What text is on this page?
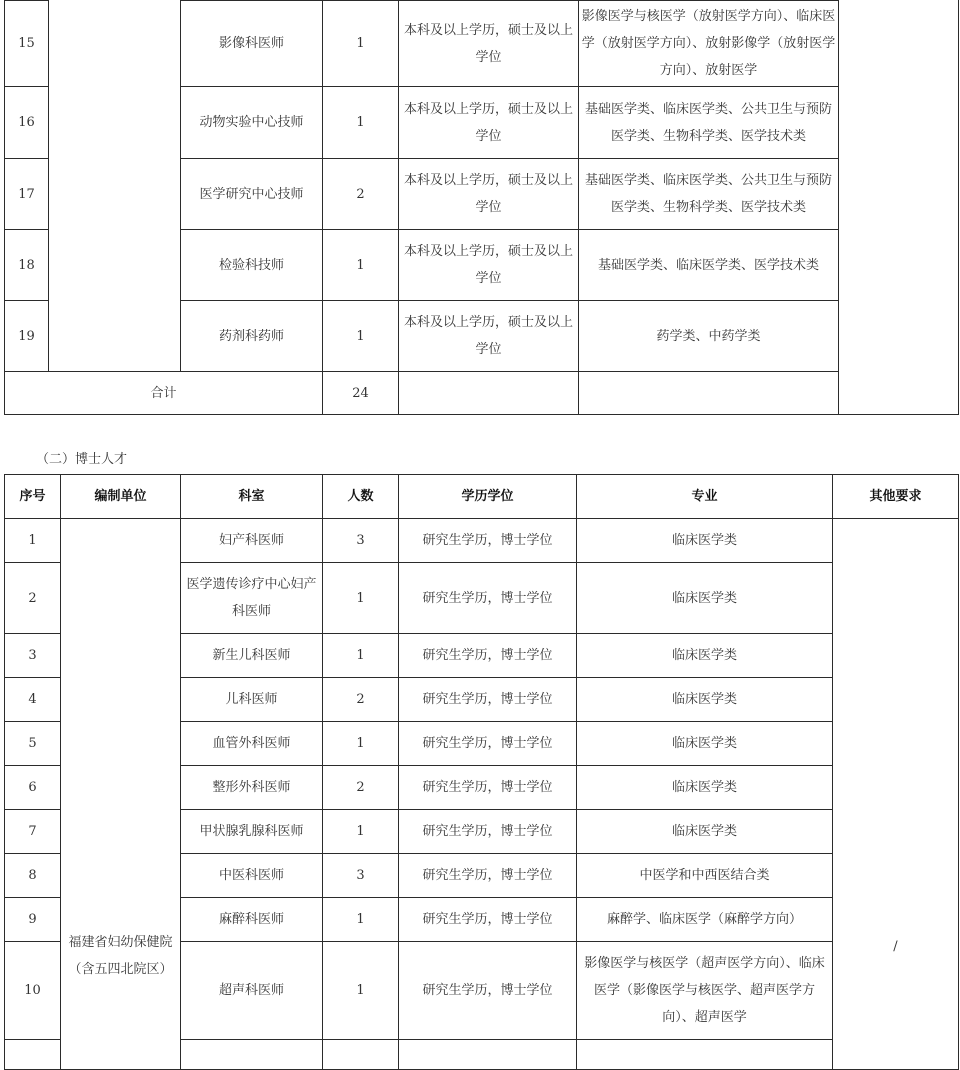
15		影像科医师	1	本科及以上学历，硕士及以上学位	影像医学与核医学（放射医学方向）、临床医学（放射医学方向）、放射影像学（放射医学方向）、放射医学	
16		动物实验中心技师	1	本科及以上学历，硕士及以上学位	基础医学类、临床医学类、公共卫生与预防医学类、生物科学类、医学技术类	
17		医学研究中心技师	2	本科及以上学历，硕士及以上学位	基础医学类、临床医学类、公共卫生与预防医学类、生物科学类、医学技术类	
18		检验科技师	1	本科及以上学历，硕士及以上学位	基础医学类、临床医学类、医学技术类	
19		药剂科药师	1	本科及以上学历，硕士及以上学位	药学类、中药学类	
合计			24			
（二）博士人才
序号	编制单位	科室	人数	学历学位	专业	其他要求
1	福建省妇幼保健院（含五四北院区）	妇产科医师	3	研究生学历，博士学位	临床医学类	/

2		医学遗传诊疗中心妇产科医师	1	研究生学历，博士学位	临床医学类	
3		新生儿科医师	1	研究生学历，博士学位	临床医学类	
4		儿科医师	2	研究生学历，博士学位	临床医学类	
5		血管外科医师	1	研究生学历，博士学位	临床医学类	
6		整形外科医师	2	研究生学历，博士学位	临床医学类	
7		甲状腺乳腺科医师	1	研究生学历，博士学位	临床医学类	
8		中医科医师	3	研究生学历，博士学位	中医学和中西医结合类	
9		麻醉科医师	1	研究生学历，博士学位	麻醉学、临床医学（麻醉学方向）	
10		超声科医师	1	研究生学历，博士学位	影像医学与核医学（超声医学方向）、临床医学（影像医学与核医学、超声医学方向）、超声医学	
